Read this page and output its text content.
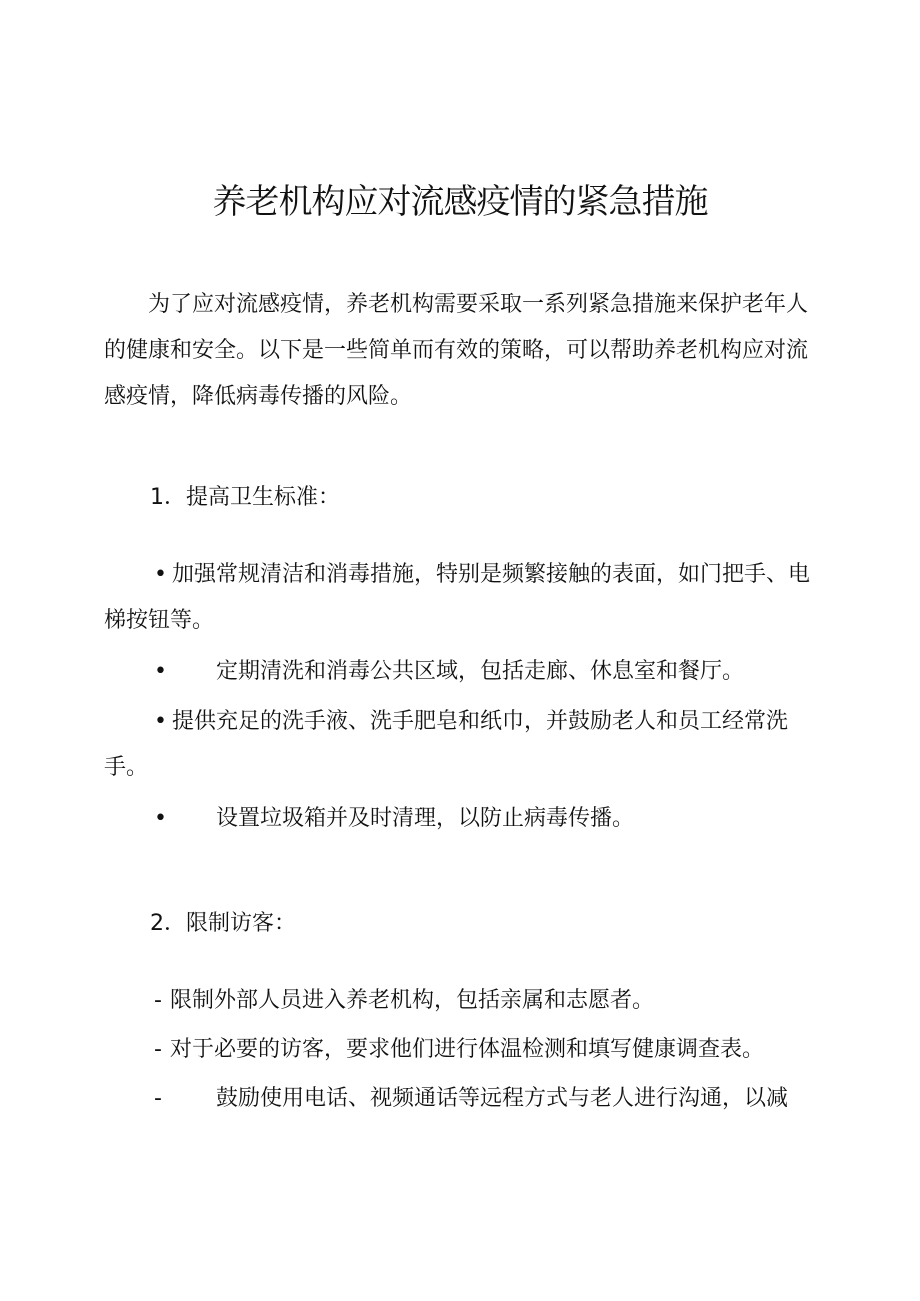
养老机构应对流感疫情的紧急措施

为了应对流感疫情，养老机构需要采取一系列紧急措施来保护老年人的健康和安全。以下是一些简单而有效的策略，可以帮助养老机构应对流感疫情，降低病毒传播的风险。

1．提高卫生标准：

• 加强常规清洁和消毒措施，特别是频繁接触的表面，如门把手、电梯按钮等。

• 定期清洗和消毒公共区域，包括走廊、休息室和餐厅。

• 提供充足的洗手液、洗手肥皂和纸巾，并鼓励老人和员工经常洗手。

• 设置垃圾箱并及时清理，以防止病毒传播。

2．限制访客：

- 限制外部人员进入养老机构，包括亲属和志愿者。

- 对于必要的访客，要求他们进行体温检测和填写健康调查表。

- 鼓励使用电话、视频通话等远程方式与老人进行沟通，以减
